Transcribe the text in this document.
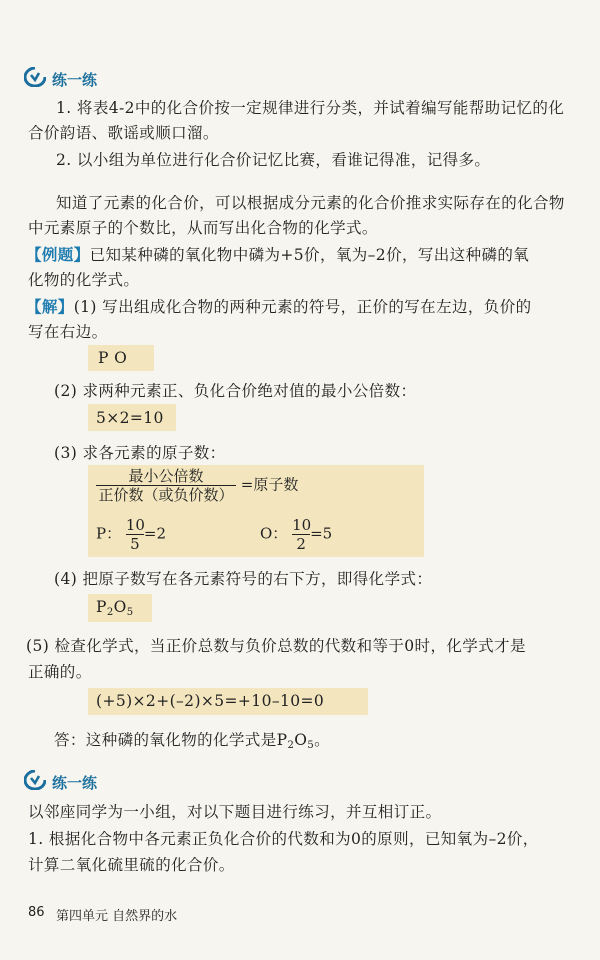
练一练
1. 将表4-2中的化合价按一定规律进行分类，并试着编写能帮助记忆的化
合价韵语、歌谣或顺口溜。
2. 以小组为单位进行化合价记忆比赛，看谁记得准，记得多。
知道了元素的化合价，可以根据成分元素的化合价推求实际存在的化合物
中元素原子的个数比，从而写出化合物的化学式。
【例题】已知某种磷的氧化物中磷为+5价，氧为–2价，写出这种磷的氧
化物的化学式。
【解】(1) 写出组成化合物的两种元素的符号，正价的写在左边，负价的
写在右边。
P O
(2) 求两种元素正、负化合价绝对值的最小公倍数：
5×2=10
(3) 求各元素的原子数：
$\frac{\text{最小公倍数}}{\text{正价数（或负价数）}}$ =原子数
P： $\frac{10}{5} =2$	O： $\frac{10}{2} =5$
(4) 把原子数写在各元素符号的右下方，即得化学式：
$P_2O_5$
(5) 检查化学式，当正价总数与负价总数的代数和等于0时，化学式才是
正确的。
(+5)×2+(–2)×5=+10–10=0
答：这种磷的氧化物的化学式是$P_2O_5$。
练一练
以邻座同学为一小组，对以下题目进行练习，并互相订正。
1. 根据化合物中各元素正负化合价的代数和为0的原则，已知氧为–2价，
计算二氧化硫里硫的化合价。
86 第四单元 自然界的水
